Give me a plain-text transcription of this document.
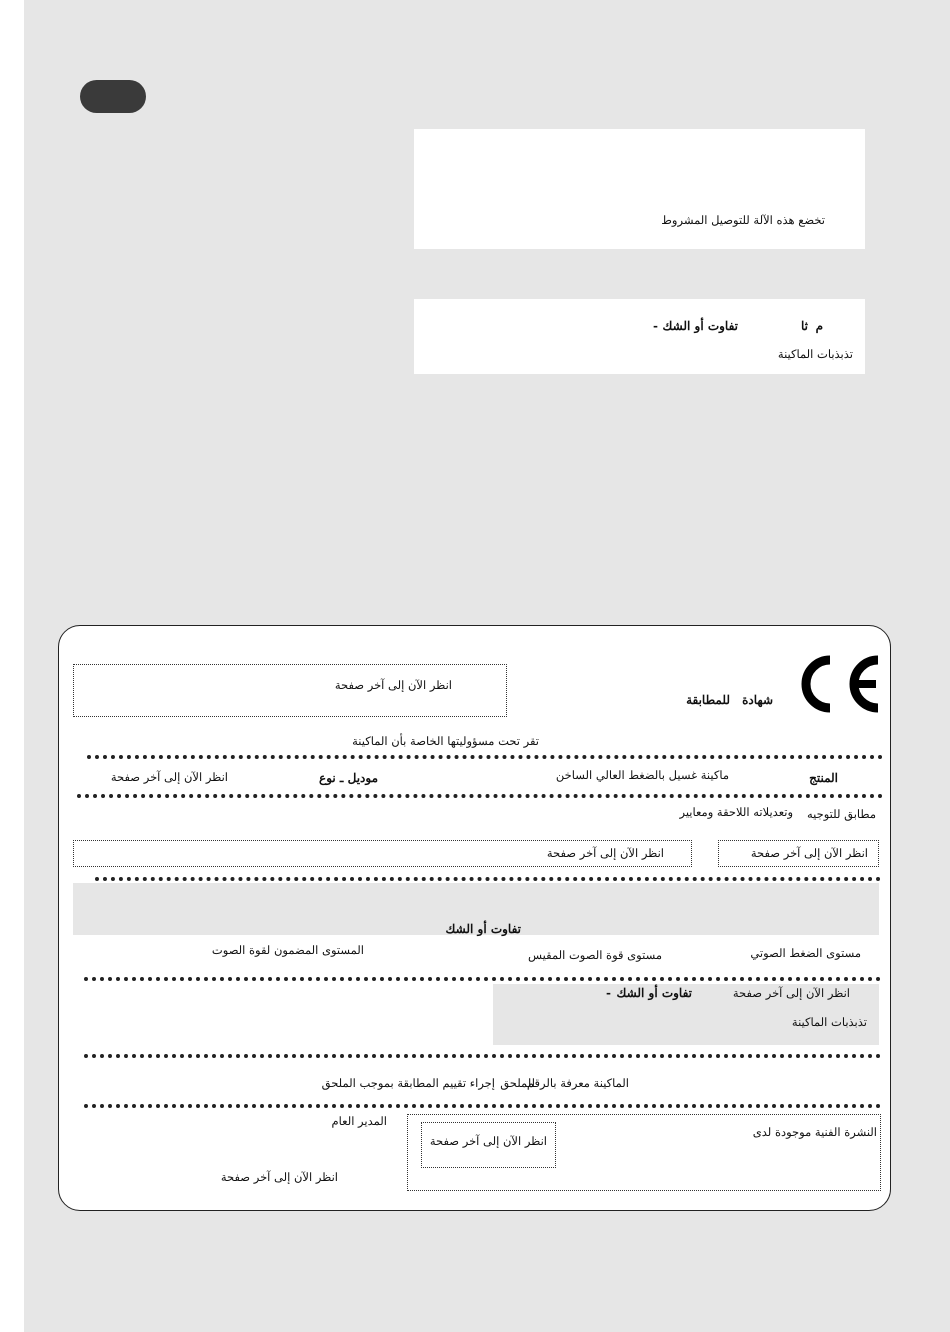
تخضع هذه الآلة للتوصيل المشروط
م
ثا
تفاوت أو الشك
-
تذبذبات الماكينة
شهادة
للمطابقة
انظر الآن إلى آخر صفحة
تقر تحت مسؤوليتها الخاصة بأن الماكينة
المنتج
ماكينة غسيل بالضغط العالي الساخن
موديل ـ نوع
انظر الآن إلى آخر صفحة
مطابق للتوجيه
وتعديلاته اللاحقة ومعايير
انظر الآن إلى آخر صفحة	انظر الآن إلى آخر صفحة
تفاوت أو الشك
مستوى الضغط الصوتي
مستوى قوة الصوت المقيس
المستوى المضمون لقوة الصوت
انظر الآن إلى آخر صفحة
تفاوت أو الشك
-
تذبذبات الماكينة
الماكينة معرفة بالرقم
للملحق
إجراء تقييم المطابقة بموجب الملحق
النشرة الفنية موجودة لدى
انظر الآن إلى آخر صفحة
المدير العام
انظر الآن إلى آخر صفحة
